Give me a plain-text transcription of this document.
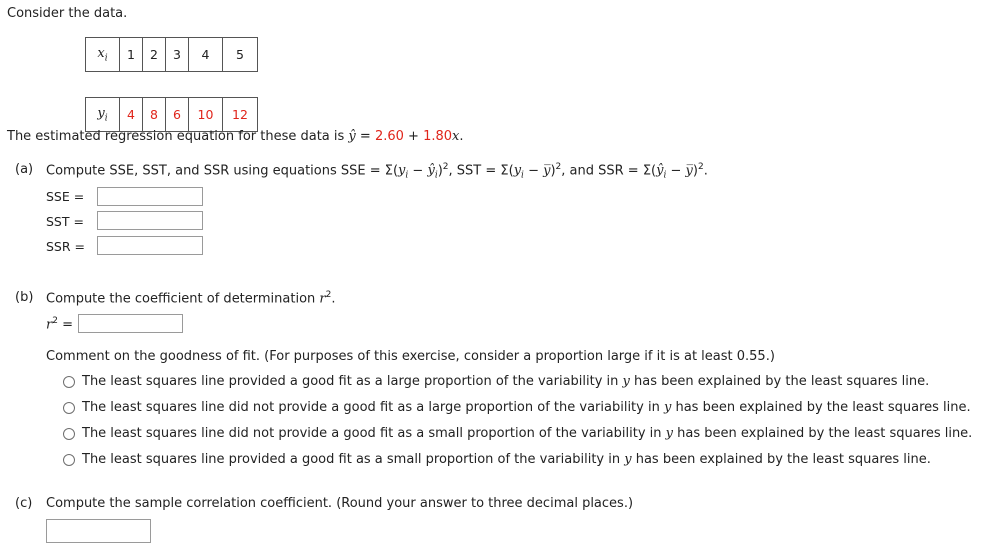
Consider the data.
$x_i$	1	2	3	4	5

$y_i$	4	8	6	10	12
The estimated regression equation for these data is ŷ = 2.60 + 1.80x.
(a) Compute SSE, SST, and SSR using equations SSE = $\Sigma(y_i$ − $ŷ_i)^2$, SST = $\Sigma(y_i$ − y̅)$^2$, and SSR = $\Sigma(ŷ_i$ − y̅)$^2$.
SSE =
SST =
SSR =
(b) Compute the coefficient of determination $r^2$.
$r^2$ =
Comment on the goodness of fit. (For purposes of this exercise, consider a proportion large if it is at least 0.55.)
The least squares line provided a good fit as a large proportion of the variability in y has been explained by the least squares line.
The least squares line did not provide a good fit as a large proportion of the variability in y has been explained by the least squares line.
The least squares line did not provide a good fit as a small proportion of the variability in y has been explained by the least squares line.
The least squares line provided a good fit as a small proportion of the variability in y has been explained by the least squares line.
(c) Compute the sample correlation coefficient. (Round your answer to three decimal places.)
